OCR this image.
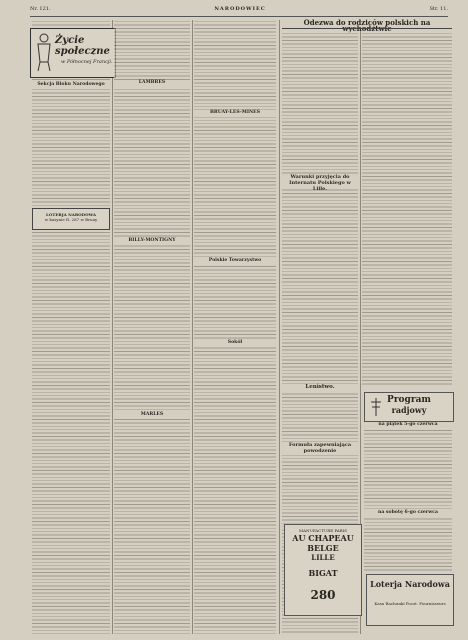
Nr. 121.	NARODOWIEC	Str. 11.
Sekcja Bloku Narodowego
LOTERJA NARODOWA
w kasynie R. 287 w Bruay
Życie społeczne
w Północnej Francji.
LAMBRES
BILLY-MONTIGNY
MARLES
BRUAY-LES-MINES
Polskie Towarzystwo
Sokół
Odezwa do rodziców polskich na
Warunki przyjęcia do Internatu Polskiego w Lille.
Lenistwo.
Formuła zapewniająca powodzenie
Program
radjowy
na piątek 5-go czerwca
na sobotę 6-go czerwca
MANUFACTURE PARIS
AU CHAPEAU BELGE
LILLE
BIGAT
280
Loterja Narodowa
Kasa Rachunki Poczt. Fournisseurs
